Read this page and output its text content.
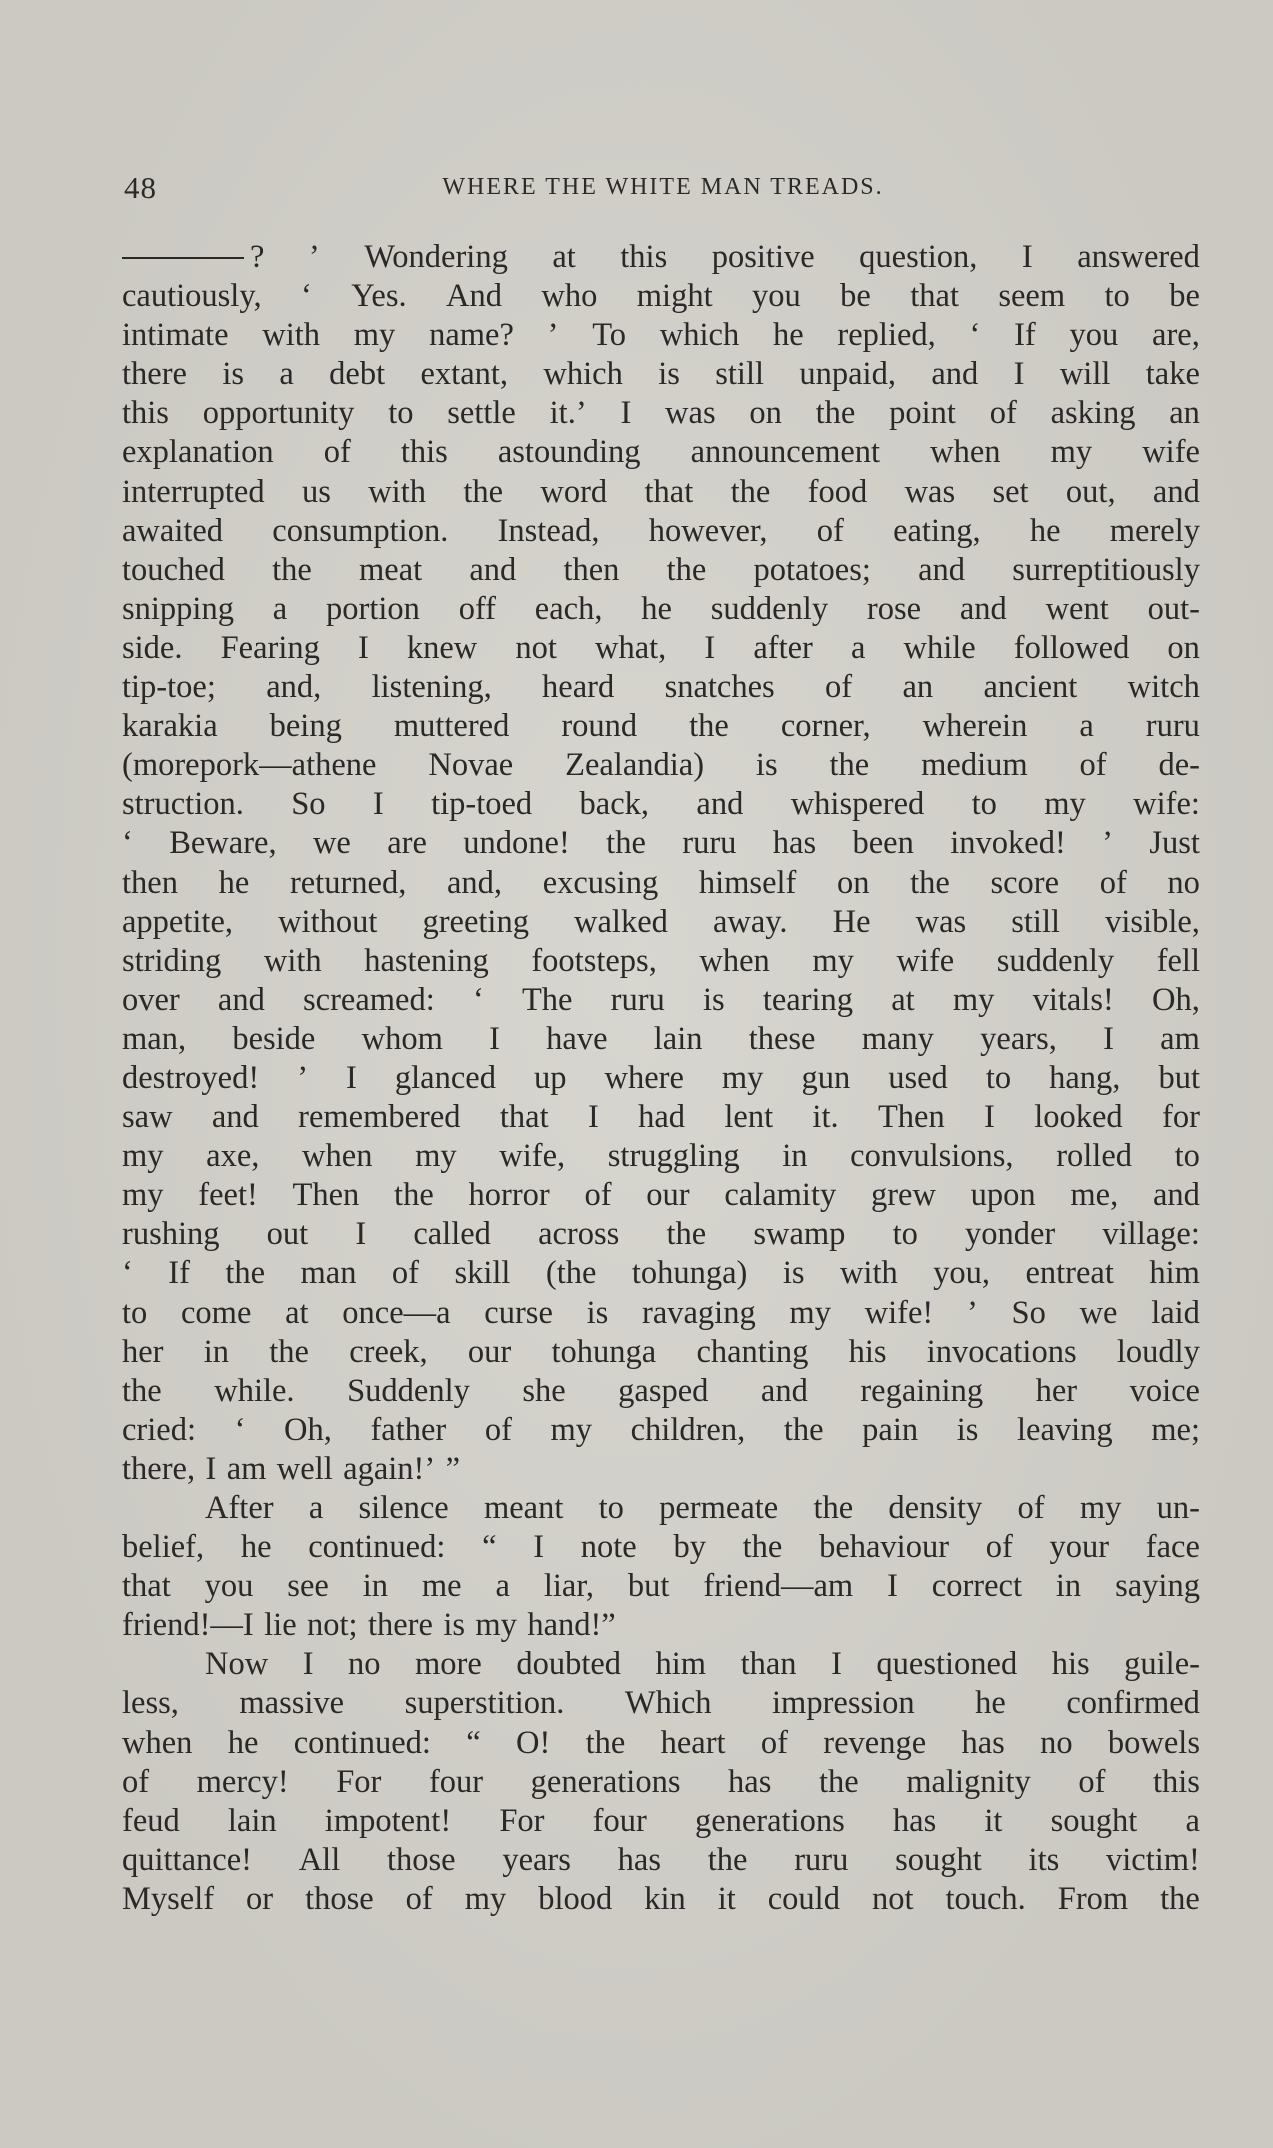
48	WHERE THE WHITE MAN TREADS.
? ’ Wondering at this positive question, I answered
cautiously, ‘ Yes. And who might you be that seem to be
intimate with my name? ’ To which he replied, ‘ If you are,
there is a debt extant, which is still unpaid, and I will take
this opportunity to settle it.’ I was on the point of asking an
explanation of this astounding announcement when my wife
interrupted us with the word that the food was set out, and
awaited consumption. Instead, however, of eating, he merely
touched the meat and then the potatoes; and surreptitiously
snipping a portion off each, he suddenly rose and went out-
side. Fearing I knew not what, I after a while followed on
tip-toe; and, listening, heard snatches of an ancient witch
karakia being muttered round the corner, wherein a ruru
(morepork—athene Novae Zealandia) is the medium of de-
struction. So I tip-toed back, and whispered to my wife:
‘ Beware, we are undone! the ruru has been invoked! ’ Just
then he returned, and, excusing himself on the score of no
appetite, without greeting walked away. He was still visible,
striding with hastening footsteps, when my wife suddenly fell
over and screamed: ‘ The ruru is tearing at my vitals! Oh,
man, beside whom I have lain these many years, I am
destroyed! ’ I glanced up where my gun used to hang, but
saw and remembered that I had lent it. Then I looked for
my axe, when my wife, struggling in convulsions, rolled to
my feet! Then the horror of our calamity grew upon me, and
rushing out I called across the swamp to yonder village:
‘ If the man of skill (the tohunga) is with you, entreat him
to come at once—a curse is ravaging my wife! ’ So we laid
her in the creek, our tohunga chanting his invocations loudly
the while. Suddenly she gasped and regaining her voice
cried: ‘ Oh, father of my children, the pain is leaving me;
there, I am well again!’ ”
After a silence meant to permeate the density of my un-
belief, he continued: “ I note by the behaviour of your face
that you see in me a liar, but friend—am I correct in saying
friend!—I lie not; there is my hand!”
Now I no more doubted him than I questioned his guile-
less, massive superstition. Which impression he confirmed
when he continued: “ O! the heart of revenge has no bowels
of mercy! For four generations has the malignity of this
feud lain impotent! For four generations has it sought a
quittance! All those years has the ruru sought its victim!
Myself or those of my blood kin it could not touch. From the
